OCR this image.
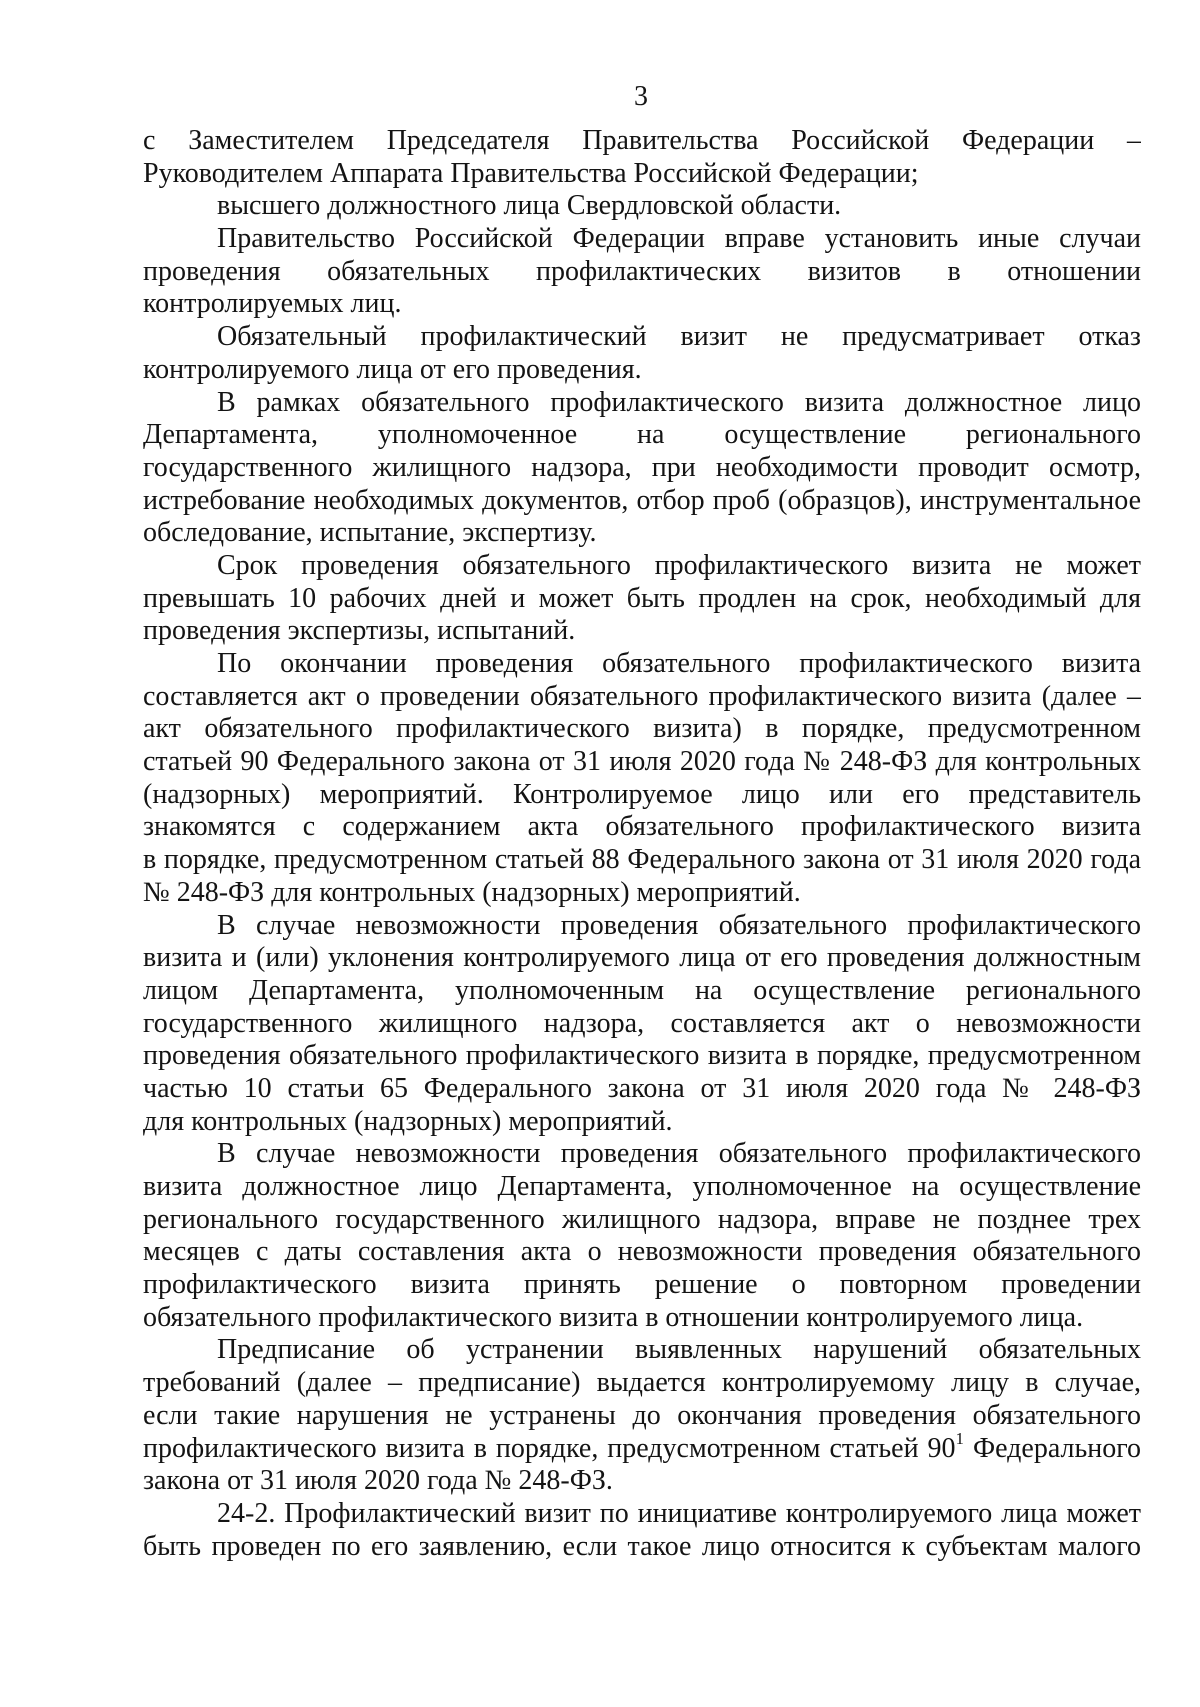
3
с Заместителем Председателя Правительства Российской Федерации –
Руководителем Аппарата Правительства Российской Федерации;
высшего должностного лица Свердловской области.
Правительство Российской Федерации вправе установить иные случаи
проведения обязательных профилактических визитов в отношении
контролируемых лиц.
Обязательный профилактический визит не предусматривает отказ
контролируемого лица от его проведения.
В рамках обязательного профилактического визита должностное лицо
Департамента, уполномоченное на осуществление регионального
государственного жилищного надзора, при необходимости проводит осмотр,
истребование необходимых документов, отбор проб (образцов), инструментальное
обследование, испытание, экспертизу.
Срок проведения обязательного профилактического визита не может
превышать 10 рабочих дней и может быть продлен на срок, необходимый для
проведения экспертизы, испытаний.
По окончании проведения обязательного профилактического визита
составляется акт о проведении обязательного профилактического визита (далее –
акт обязательного профилактического визита) в порядке, предусмотренном
статьей 90 Федерального закона от 31 июля 2020 года № 248-ФЗ для контрольных
(надзорных) мероприятий. Контролируемое лицо или его представитель
знакомятся с содержанием акта обязательного профилактического визита
в порядке, предусмотренном статьей 88 Федерального закона от 31 июля 2020 года
№ 248-ФЗ для контрольных (надзорных) мероприятий.
В случае невозможности проведения обязательного профилактического
визита и (или) уклонения контролируемого лица от его проведения должностным
лицом Департамента, уполномоченным на осуществление регионального
государственного жилищного надзора, составляется акт о невозможности
проведения обязательного профилактического визита в порядке, предусмотренном
частью 10 статьи 65 Федерального закона от 31 июля 2020 года № 248-ФЗ
для контрольных (надзорных) мероприятий.
В случае невозможности проведения обязательного профилактического
визита должностное лицо Департамента, уполномоченное на осуществление
регионального государственного жилищного надзора, вправе не позднее трех
месяцев с даты составления акта о невозможности проведения обязательного
профилактического визита принять решение о повторном проведении
обязательного профилактического визита в отношении контролируемого лица.
Предписание об устранении выявленных нарушений обязательных
требований (далее – предписание) выдается контролируемому лицу в случае,
если такие нарушения не устранены до окончания проведения обязательного
профилактического визита в порядке, предусмотренном статьей $90^1$ Федерального
закона от 31 июля 2020 года № 248-ФЗ.
24-2. Профилактический визит по инициативе контролируемого лица может
быть проведен по его заявлению, если такое лицо относится к субъектам малого
